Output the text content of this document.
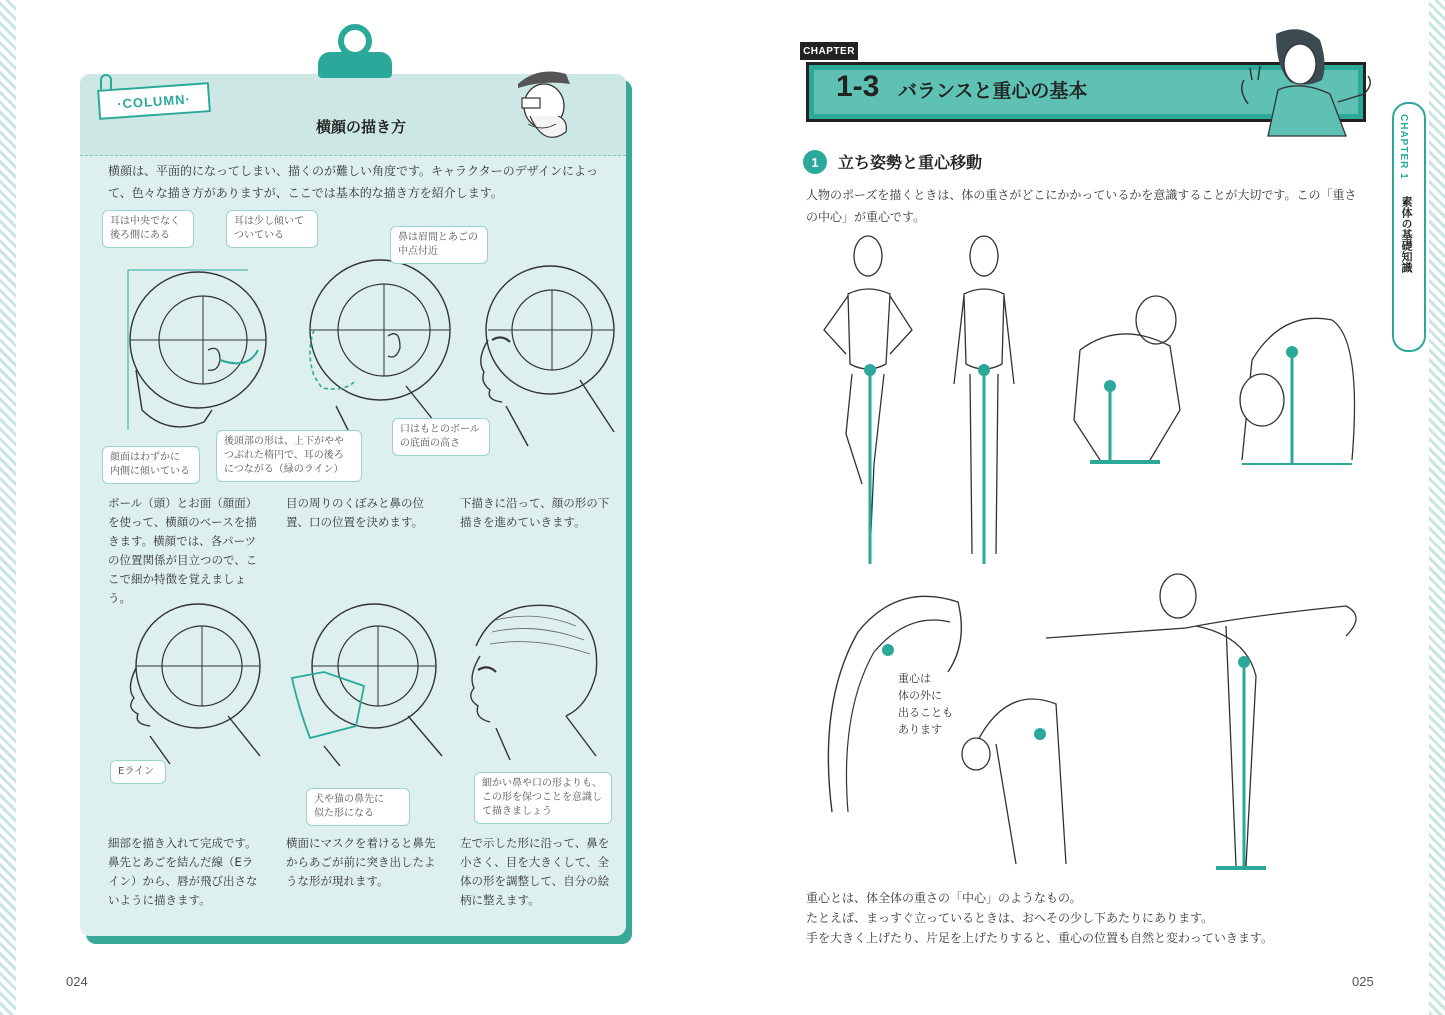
·COLUMN·
横顔の描き方
横顔は、平面的になってしまい、描くのが難しい角度です。キャラクターのデザインによって、色々な描き方がありますが、ここでは基本的な描き方を紹介します。
耳は中央でなく
後ろ側にある
耳は少し傾いて
ついている	鼻は眉間とあごの
中点付近
口はもとのボール
の底面の高さ
顔面はわずかに
内側に傾いている
後頭部の形は、上下がやや
つぶれた楕円で、耳の後ろ
につながる（緑のライン）
ボール（頭）とお面（顔面）を使って、横顔のベースを描きます。横顔では、各パーツの位置関係が目立つので、ここで細か特徴を覚えましょう。
目の周りのくぼみと鼻の位置、口の位置を決めます。
下描きに沿って、顔の形の下描きを進めていきます。
Eライン
犬や猫の鼻先に
似た形になる
細かい鼻や口の形よりも、
この形を保つことを意識し
て描きましょう
細部を描き入れて完成です。鼻先とあごを結んだ線（Eライン）から、唇が飛び出さないように描きます。
横面にマスクを着けると鼻先からあごが前に突き出したような形が現れます。
左で示した形に沿って、鼻を小さく、目を大きくして、全体の形を調整して、自分の絵柄に整えます。
024
CHAPTER
1-3 バランスと重心の基本
CHAPTER 1
素体の基礎知識
1	立ち姿勢と重心移動
人物のポーズを描くときは、体の重さがどこにかかっているかを意識することが大切です。この「重さの中心」が重心です。
重心は
体の外に
出ることも
あります
重心とは、体全体の重さの「中心」のようなもの。
たとえば、まっすぐ立っているときは、おへその少し下あたりにあります。
手を大きく上げたり、片足を上げたりすると、重心の位置も自然と変わっていきます。
025
